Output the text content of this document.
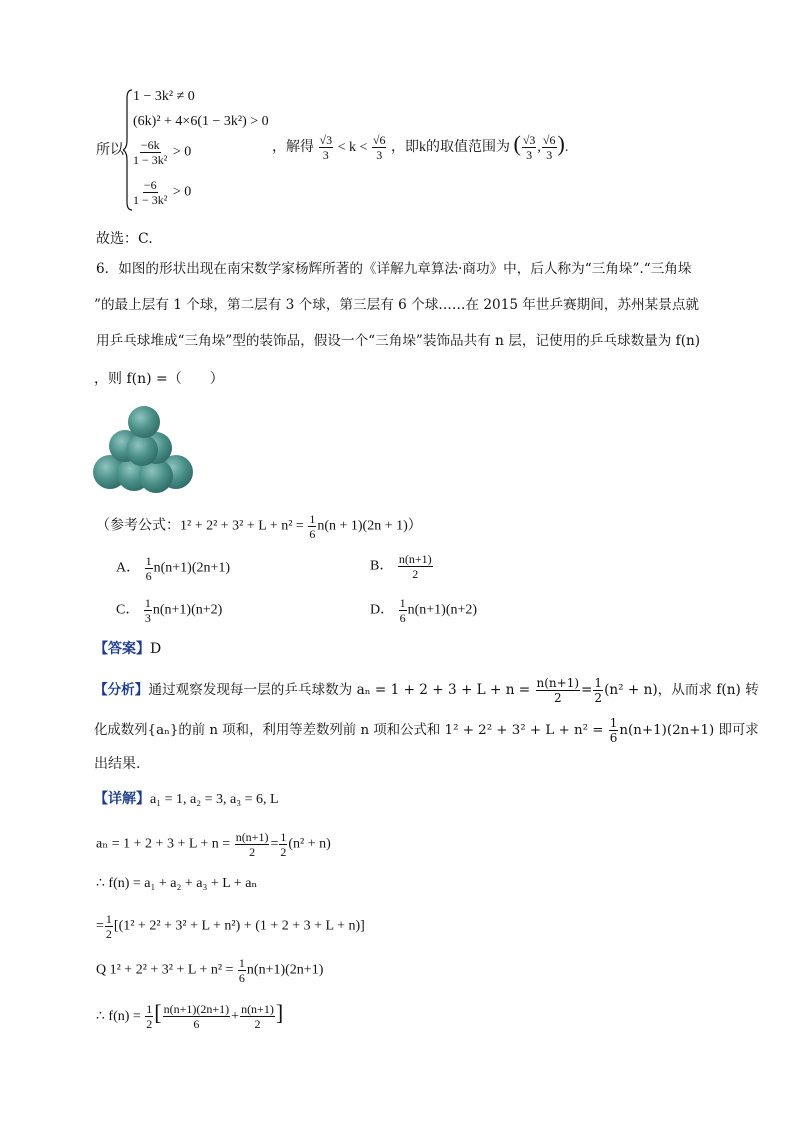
所以
1 − 3k² ≠ 0
(6k)² + 4×6(1 − 3k²) > 0
$\frac{-6k}{\text{1 − 3k²}} > 0$
$\frac{-6}{\text{1 − 3k²}} > 0$
，解得 $\frac{√3}{3} < k < \frac{√6}{3}$ ，即k的取值范围为 ( $\frac{√3}{3}$ , $\frac{√6}{3}$ ).
故选：C.
6．如图的形状出现在南宋数学家杨辉所著的《详解九章算法·商功》中，后人称为“三角垛”.“三角垛
”的最上层有 1 个球，第二层有 3 个球，第三层有 6 个球……在 2015 年世乒赛期间，苏州某景点就
用乒乓球堆成“三角垛”型的装饰品，假设一个“三角垛”装饰品共有 n 层，记使用的乒乓球数量为 f(n)
，则 f(n) =（　　）
（参考公式：$1^2 + 2^2 + 3^2 + L + n^2 = \frac{1}{6} n(n + 1)(2n + 1)$）
A． $\frac{1}{6} n(n+1)(2n+1)$	B． $\frac{n(n+1)}{2}$
C． $\frac{1}{3} n(n+1)(n+2)$	D． $\frac{1}{6} n(n+1)(n+2)$
【答案】D
【分析】通过观察发现每一层的乒乓球数为 $a_n = 1 + 2 + 3 + L + n = \frac{n(n+1)}{2} = \frac{1}{2} (n^2 + n)$，从而求 f(n) 转
化成数列{aₙ}的前 n 项和，利用等差数列前 n 项和公式和 $1^2 + 2^2 + 3^2 + L + n^2 = \frac{1}{6} n(n+1)(2n+1)$ 即可求
出结果.
【详解】a₁ = 1, a₂ = 3, a₃ = 6, L
$a_n = 1 + 2 + 3 + L + n = \frac{n(n+1)}{2} = \frac{1}{2} (n^2 + n)$
∴ f(n) = a₁ + a₂ + a₃ + L + aₙ
= $\frac{1}{2} [(1^2 + 2^2 + 3^2 + L + n^2) + (1 + 2 + 3 + L + n)]$
Q $1^2 + 2^2 + 3^2 + L + n^2 = \frac{1}{6} n(n+1)(2n+1)$
∴ $f(n) = \frac{1}{2}$ [ $\frac{n(n+1)(2n+1)}{6} + \frac{n(n+1)}{2}$ ]
